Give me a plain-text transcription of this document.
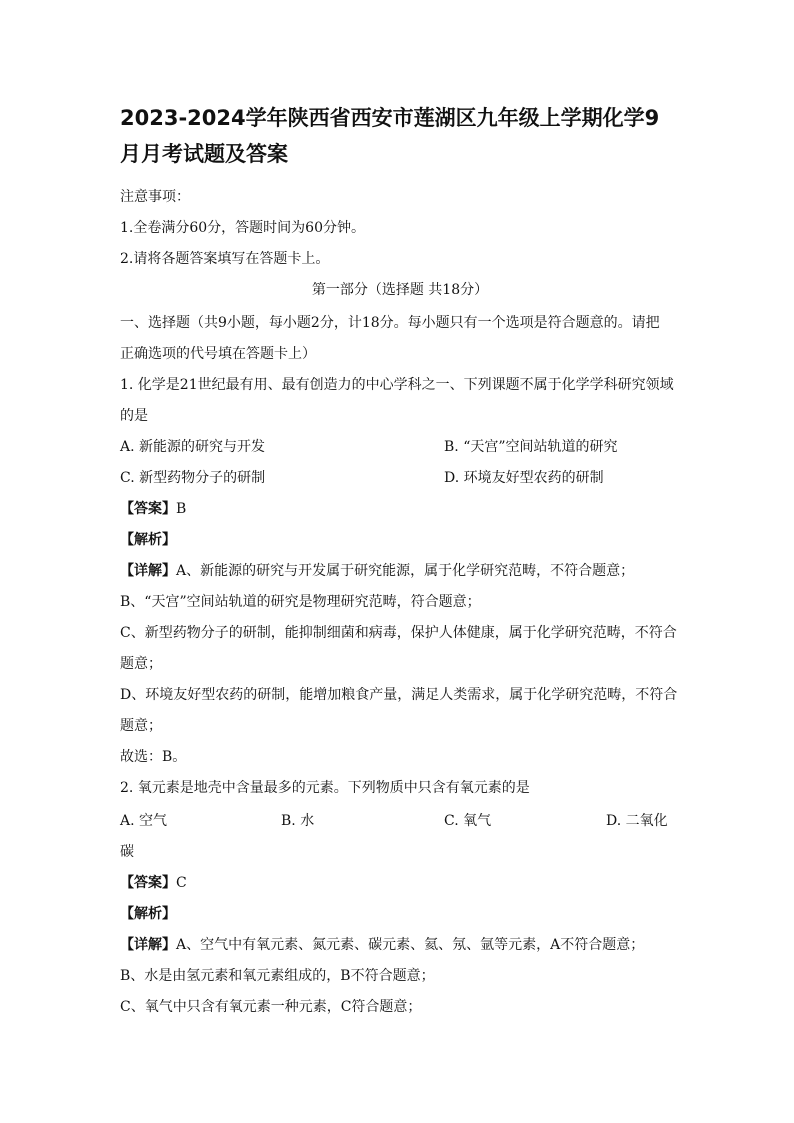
2023-2024学年陕西省西安市莲湖区九年级上学期化学9月月考试题及答案
注意事项：
1.全卷满分60分，答题时间为60分钟。
2.请将各题答案填写在答题卡上。
第一部分（选择题 共18分）
一、选择题（共9小题，每小题2分，计18分。每小题只有一个选项是符合题意的。请把
正确选项的代号填在答题卡上）
1. 化学是21世纪最有用、最有创造力的中心学科之一、下列课题不属于化学学科研究领域
的是
A. 新能源的研究与开发	B. “天宫”空间站轨道的研究
C. 新型药物分子的研制	D. 环境友好型农药的研制
【答案】B
【解析】
【详解】A、新能源的研究与开发属于研究能源，属于化学研究范畴，不符合题意；
B、“天宫”空间站轨道的研究是物理研究范畴，符合题意；
C、新型药物分子的研制，能抑制细菌和病毒，保护人体健康，属于化学研究范畴，不符合
题意；
D、环境友好型农药的研制，能增加粮食产量，满足人类需求，属于化学研究范畴，不符合
题意；
故选：B。
2. 氧元素是地壳中含量最多的元素。下列物质中只含有氧元素的是
A. 空气	B. 水	C. 氧气	D. 二氧化
碳
【答案】C
【解析】
【详解】A、空气中有氧元素、氮元素、碳元素、氦、氖、氩等元素，A不符合题意；
B、水是由氢元素和氧元素组成的，B不符合题意；
C、氧气中只含有氧元素一种元素，C符合题意；
